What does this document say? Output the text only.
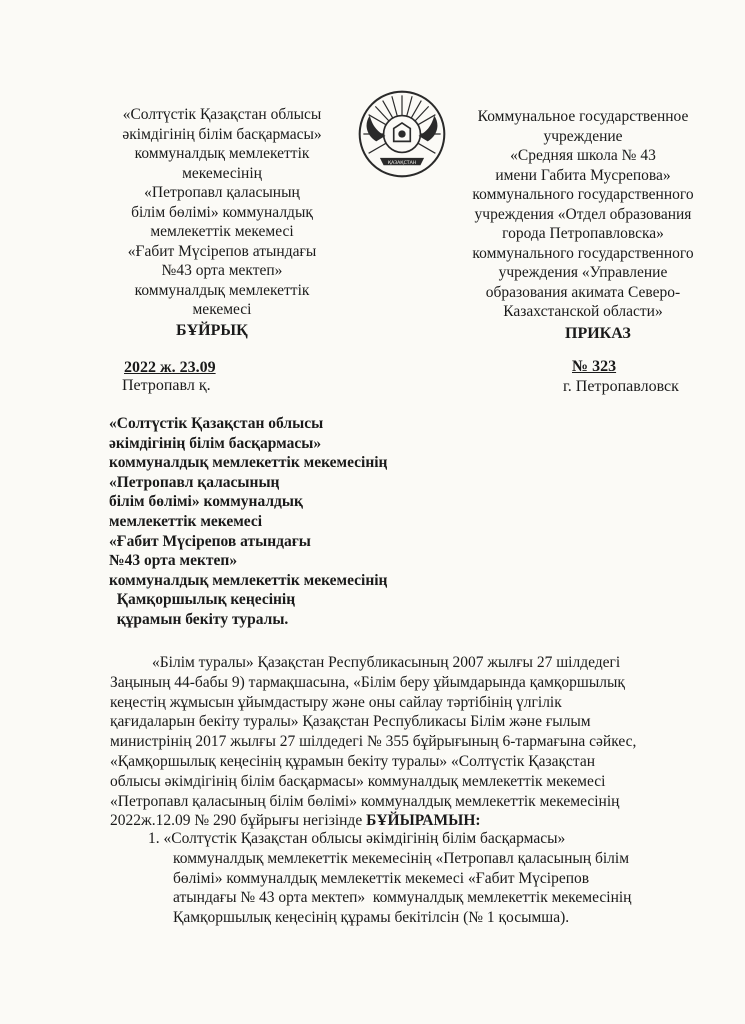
«Солтүстік Қазақстан облысы
әкімдігінің білім басқармасы»
коммуналдық мемлекеттік
мекемесінің
«Петропавл қаласының
білім бөлімі» коммуналдық
мемлекеттік мекемесі
«Ғабит Мүсірепов атындағы
№43 орта мектеп»
коммуналдық мемлекеттік
мекемесі
БҰЙРЫҚ
ҚАЗАҚСТАН
Коммунальное государственное
учреждение
«Средняя школа № 43
имени Габита Мусрепова»
коммунального государственного
учреждения «Отдел образования
города Петропавловска»
коммунального государственного
учреждения «Управление
образования акимата Северо-
Казахстанской области»
ПРИКАЗ
2022 ж. 23.09
Петропавл қ.
№ 323
г. Петропавловск
«Солтүстік Қазақстан облысы
әкімдігінің білім басқармасы»
коммуналдық мемлекеттік мекемесінің
«Петропавл қаласының
білім бөлімі» коммуналдық
мемлекеттік мекемесі
«Ғабит Мүсірепов атындағы
№43 орта мектеп»
коммуналдық мемлекеттік мекемесінің
Қамқоршылық кеңесінің
құрамын бекіту туралы.
«Білім туралы» Қазақстан Республикасының 2007 жылғы 27 шілдедегі
Заңының 44-бабы 9) тармақшасына, «Білім беру ұйымдарында қамқоршылық
кеңестің жұмысын ұйымдастыру және оны сайлау тәртібінің үлгілік
қағидаларын бекіту туралы» Қазақстан Республикасы Білім және ғылым
министрінің 2017 жылғы 27 шілдедегі № 355 бұйрығының 6-тармағына сәйкес,
«Қамқоршылық кеңесінің құрамын бекіту туралы» «Солтүстік Қазақстан
облысы әкімдігінің білім басқармасы» коммуналдық мемлекеттік мекемесі
«Петропавл қаласының білім бөлімі» коммуналдық мемлекеттік мекемесінің
2022ж.12.09 № 290 бұйрығы негізінде БҰЙЫРАМЫН:
1. «Солтүстік Қазақстан облысы әкімдігінің білім басқармасы»
коммуналдық мемлекеттік мекемесінің «Петропавл қаласының білім
бөлімі» коммуналдық мемлекеттік мекемесі «Ғабит Мүсірепов
атындағы № 43 орта мектеп»  коммуналдық мемлекеттік мекемесінің
Қамқоршылық кеңесінің құрамы бекітілсін (№ 1 қосымша).
